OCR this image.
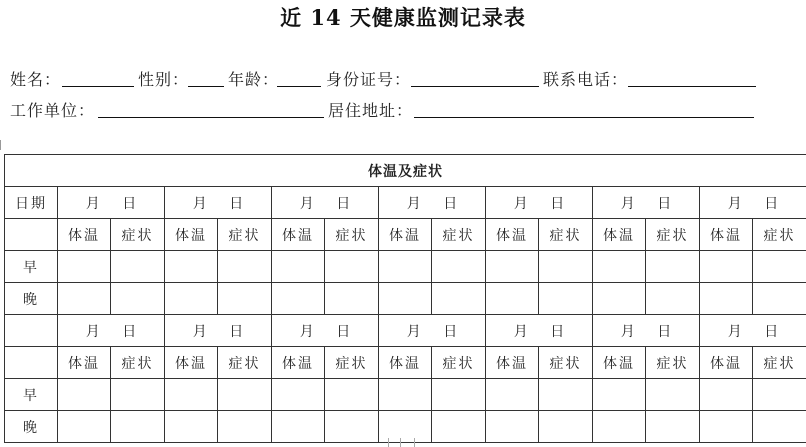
近 14 天健康监测记录表
姓名：	性别： 年龄：	身份证号：	联系电话：
工作单位：	居住地址：
体温及症状														
日期	月 日		月 日		月 日		月 日		月 日		月 日		月 日	
	体温	症状	体温	症状	体温	症状	体温	症状	体温	症状	体温	症状	体温	症状
早														
晚														
	月 日		月 日		月 日		月 日		月 日		月 日		月 日	
	体温	症状	体温	症状	体温	症状	体温	症状	体温	症状	体温	症状	体温	症状
早														
晚														
